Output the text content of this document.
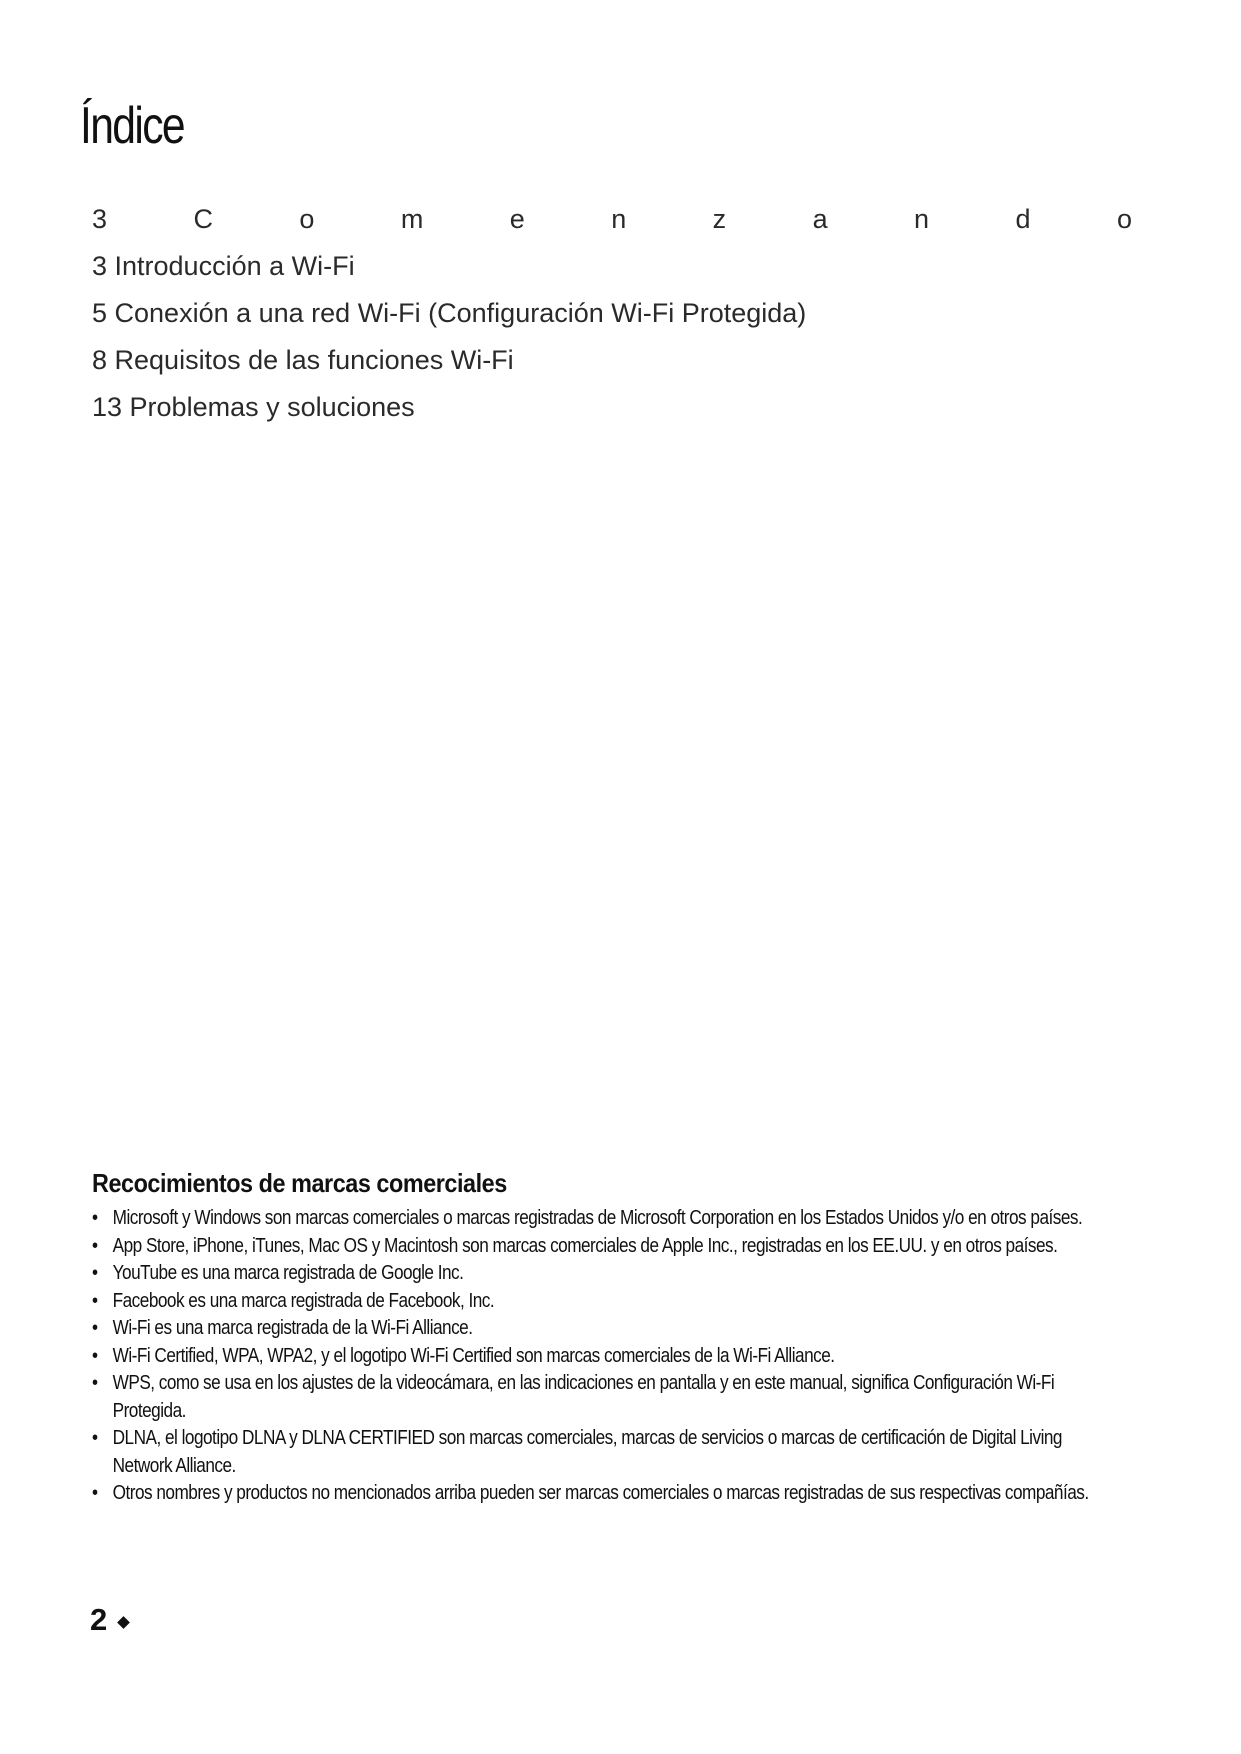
Índice
3	C	o	m	e	n	z	a	n	d	o
3 Introducción a Wi-Fi
5 Conexión a una red Wi-Fi (Configuración Wi-Fi Protegida)
8 Requisitos de las funciones Wi-Fi
13 Problemas y soluciones
Recocimientos de marcas comerciales
• Microsoft y Windows son marcas comerciales o marcas registradas de Microsoft Corporation en los Estados Unidos y/o en otros países.
• App Store, iPhone, iTunes, Mac OS y Macintosh son marcas comerciales de Apple Inc., registradas en los EE.UU. y en otros países.
• YouTube es una marca registrada de Google Inc.
• Facebook es una marca registrada de Facebook, Inc.
• Wi-Fi es una marca registrada de la Wi-Fi Alliance.
• Wi-Fi Certified, WPA, WPA2, y el logotipo Wi-Fi Certified son marcas comerciales de la Wi-Fi Alliance.
• WPS, como se usa en los ajustes de la videocámara, en las indicaciones en pantalla y en este manual, significa Configuración Wi-Fi Protegida.
• DLNA, el logotipo DLNA y DLNA CERTIFIED son marcas comerciales, marcas de servicios o marcas de certificación de Digital Living Network Alliance.
• Otros nombres y productos no mencionados arriba pueden ser marcas comerciales o marcas registradas de sus respectivas compañías.
2
